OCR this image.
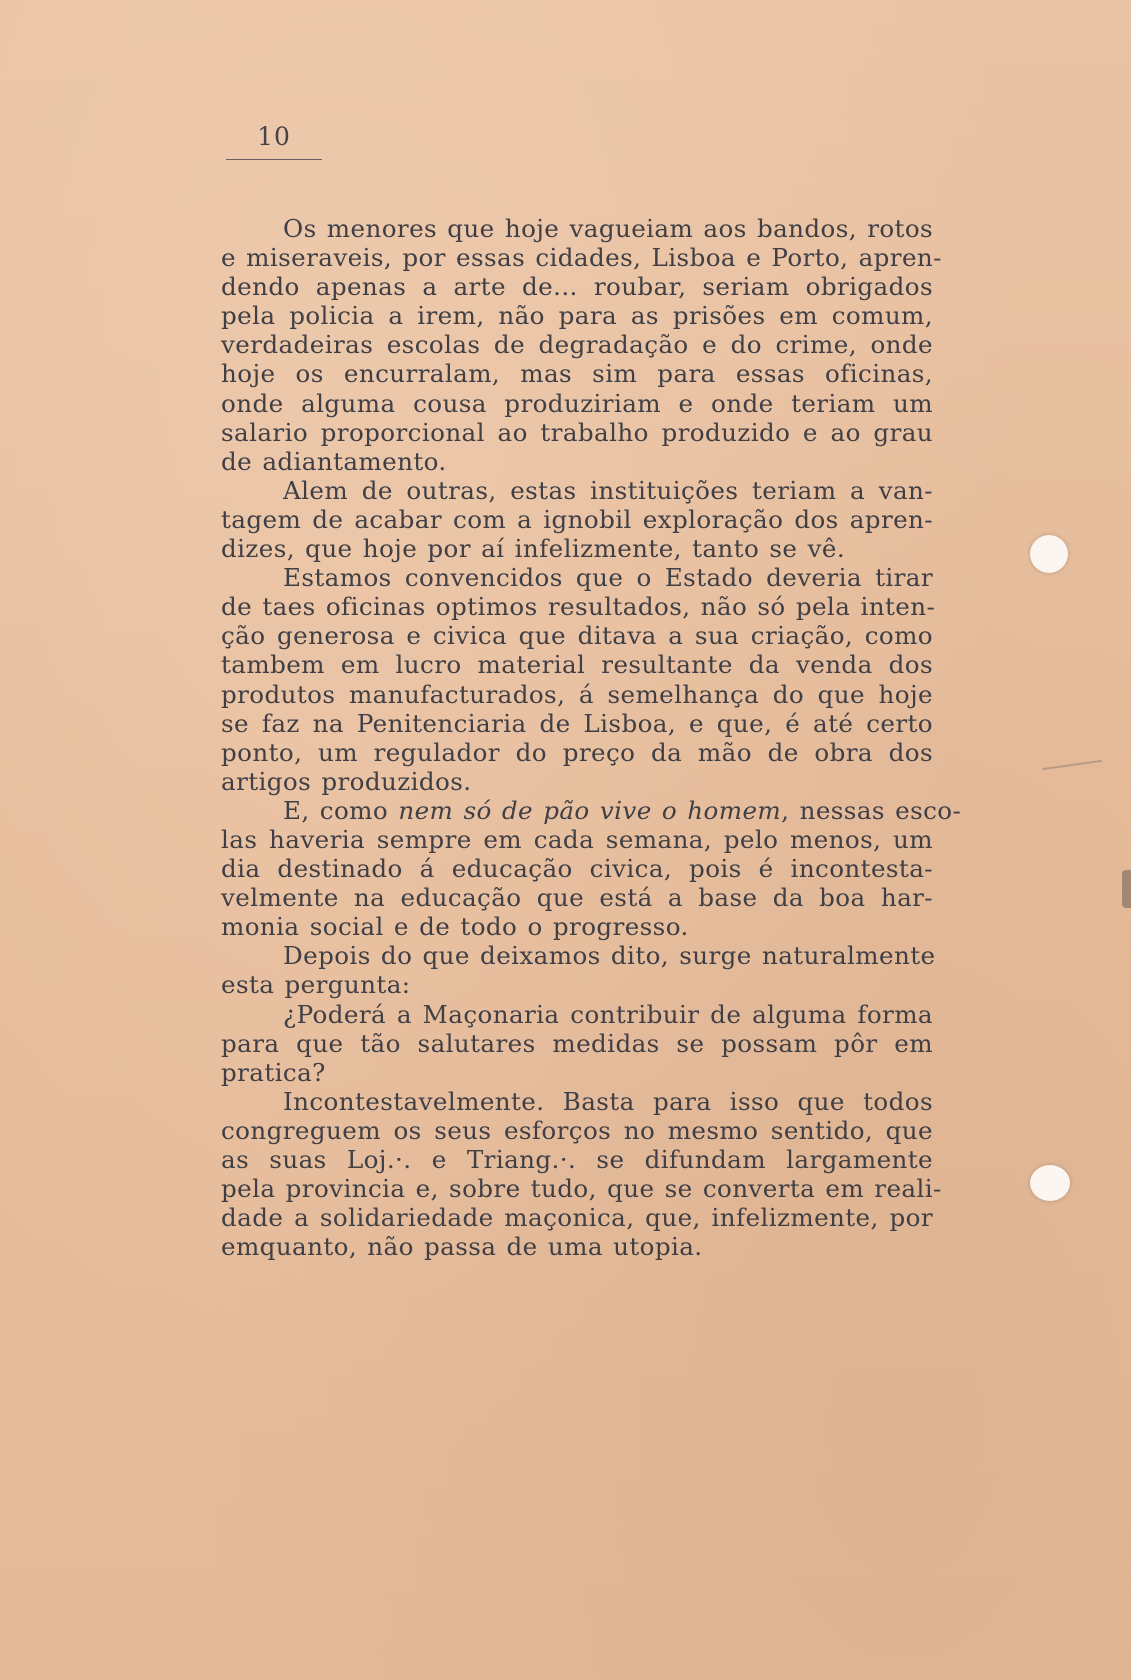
10
Os menores que hoje vagueiam aos bandos, rotos
e miseraveis, por essas cidades, Lisboa e Porto, apren-
dendo apenas a arte de... roubar, seriam obrigados
pela policia a irem, não para as prisões em comum,
verdadeiras escolas de degradação e do crime, onde
hoje os encurralam, mas sim para essas oficinas,
onde alguma cousa produziriam e onde teriam um
salario proporcional ao trabalho produzido e ao grau
de adiantamento.
Alem de outras, estas instituições teriam a van-
tagem de acabar com a ignobil exploração dos apren-
dizes, que hoje por aí infelizmente, tanto se vê.
Estamos convencidos que o Estado deveria tirar
de taes oficinas optimos resultados, não só pela inten-
ção generosa e civica que ditava a sua criação, como
tambem em lucro material resultante da venda dos
produtos manufacturados, á semelhança do que hoje
se faz na Penitenciaria de Lisboa, e que, é até certo
ponto, um regulador do preço da mão de obra dos
artigos produzidos.
E, como nem só de pão vive o homem, nessas esco-
las haveria sempre em cada semana, pelo menos, um
dia destinado á educação civica, pois é incontesta-
velmente na educação que está a base da boa har-
monia social e de todo o progresso.
Depois do que deixamos dito, surge naturalmente
esta pergunta:
¿Poderá a Maçonaria contribuir de alguma forma
para que tão salutares medidas se possam pôr em
pratica?
Incontestavelmente. Basta para isso que todos
congreguem os seus esforços no mesmo sentido, que
as suas Loj.·. e Triang.·. se difundam largamente
pela provincia e, sobre tudo, que se converta em reali-
dade a solidariedade maçonica, que, infelizmente, por
emquanto, não passa de uma utopia.
